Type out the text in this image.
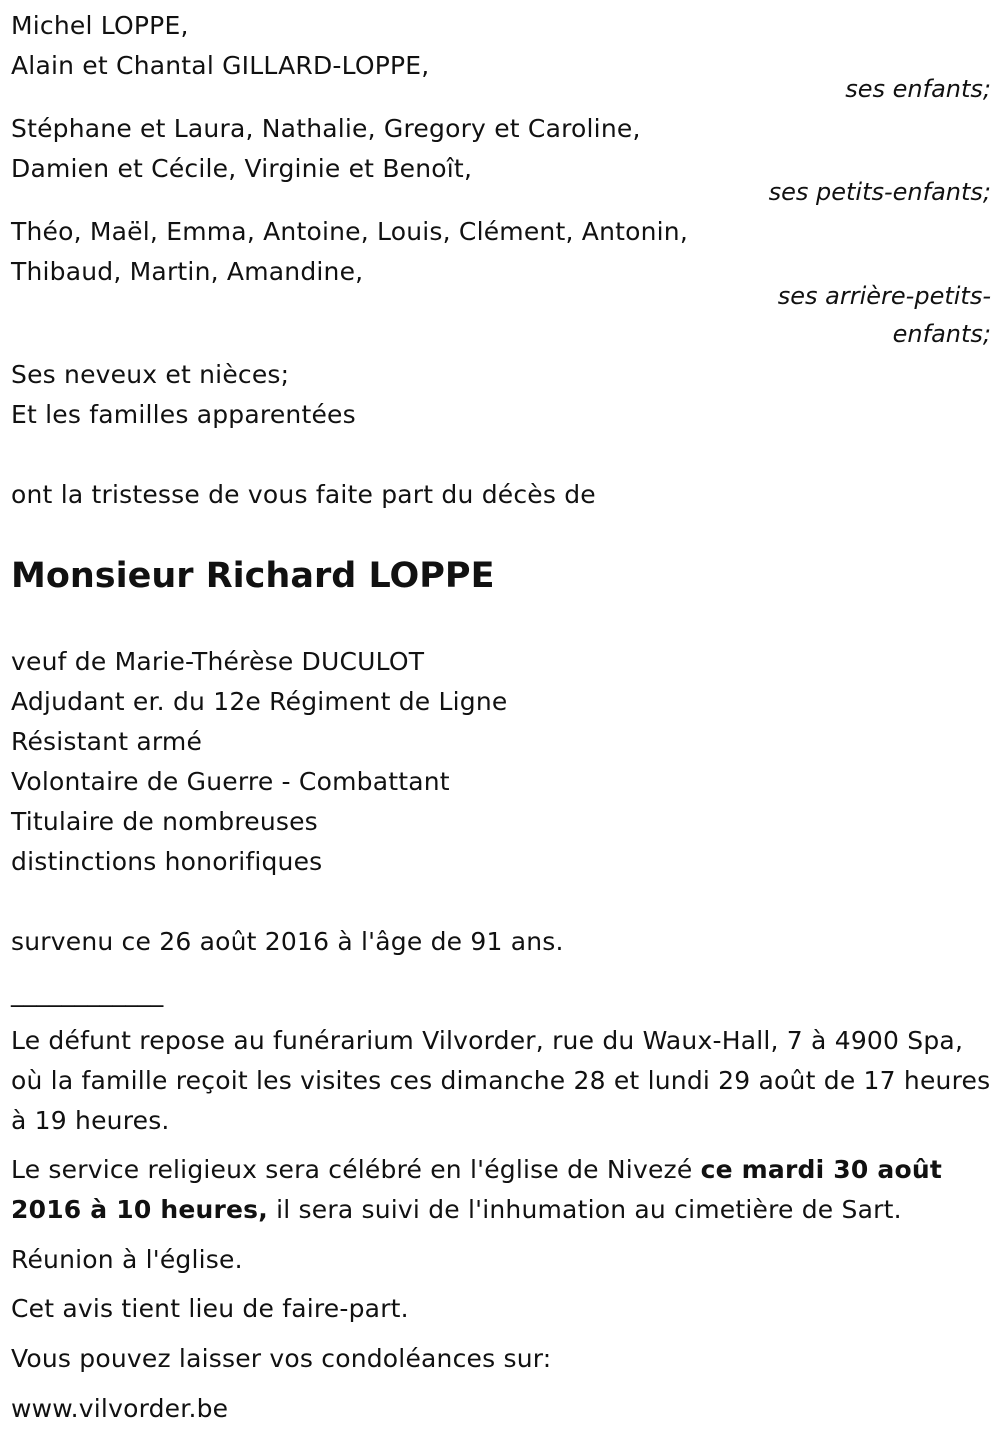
Michel LOPPE,
Alain et Chantal GILLARD-LOPPE,
ses enfants;
Stéphane et Laura, Nathalie, Gregory et Caroline,
Damien et Cécile, Virginie et Benoît,
ses petits-enfants;
Théo, Maël, Emma, Antoine, Louis, Clément, Antonin,
Thibaud, Martin, Amandine,
ses arrière-petits-
enfants;
Ses neveux et nièces;
Et les familles apparentées
ont la tristesse de vous faite part du décès de
Monsieur Richard LOPPE
veuf de Marie-Thérèse DUCULOT
Adjudant er. du 12e Régiment de Ligne
Résistant armé
Volontaire de Guerre - Combattant
Titulaire de nombreuses
distinctions honorifiques
survenu ce 26 août 2016 à l'âge de 91 ans.
____________
Le défunt repose au funérarium Vilvorder, rue du Waux-Hall, 7 à 4900 Spa, où la famille reçoit les visites ces dimanche 28 et lundi 29 août de 17 heures à 19 heures.
Le service religieux sera célébré en l'église de Nivezé ce mardi 30 août 2016 à 10 heures, il sera suivi de l'inhumation au cimetière de Sart.
Réunion à l'église.
Cet avis tient lieu de faire-part.
Vous pouvez laisser vos condoléances sur:
www.vilvorder.be
